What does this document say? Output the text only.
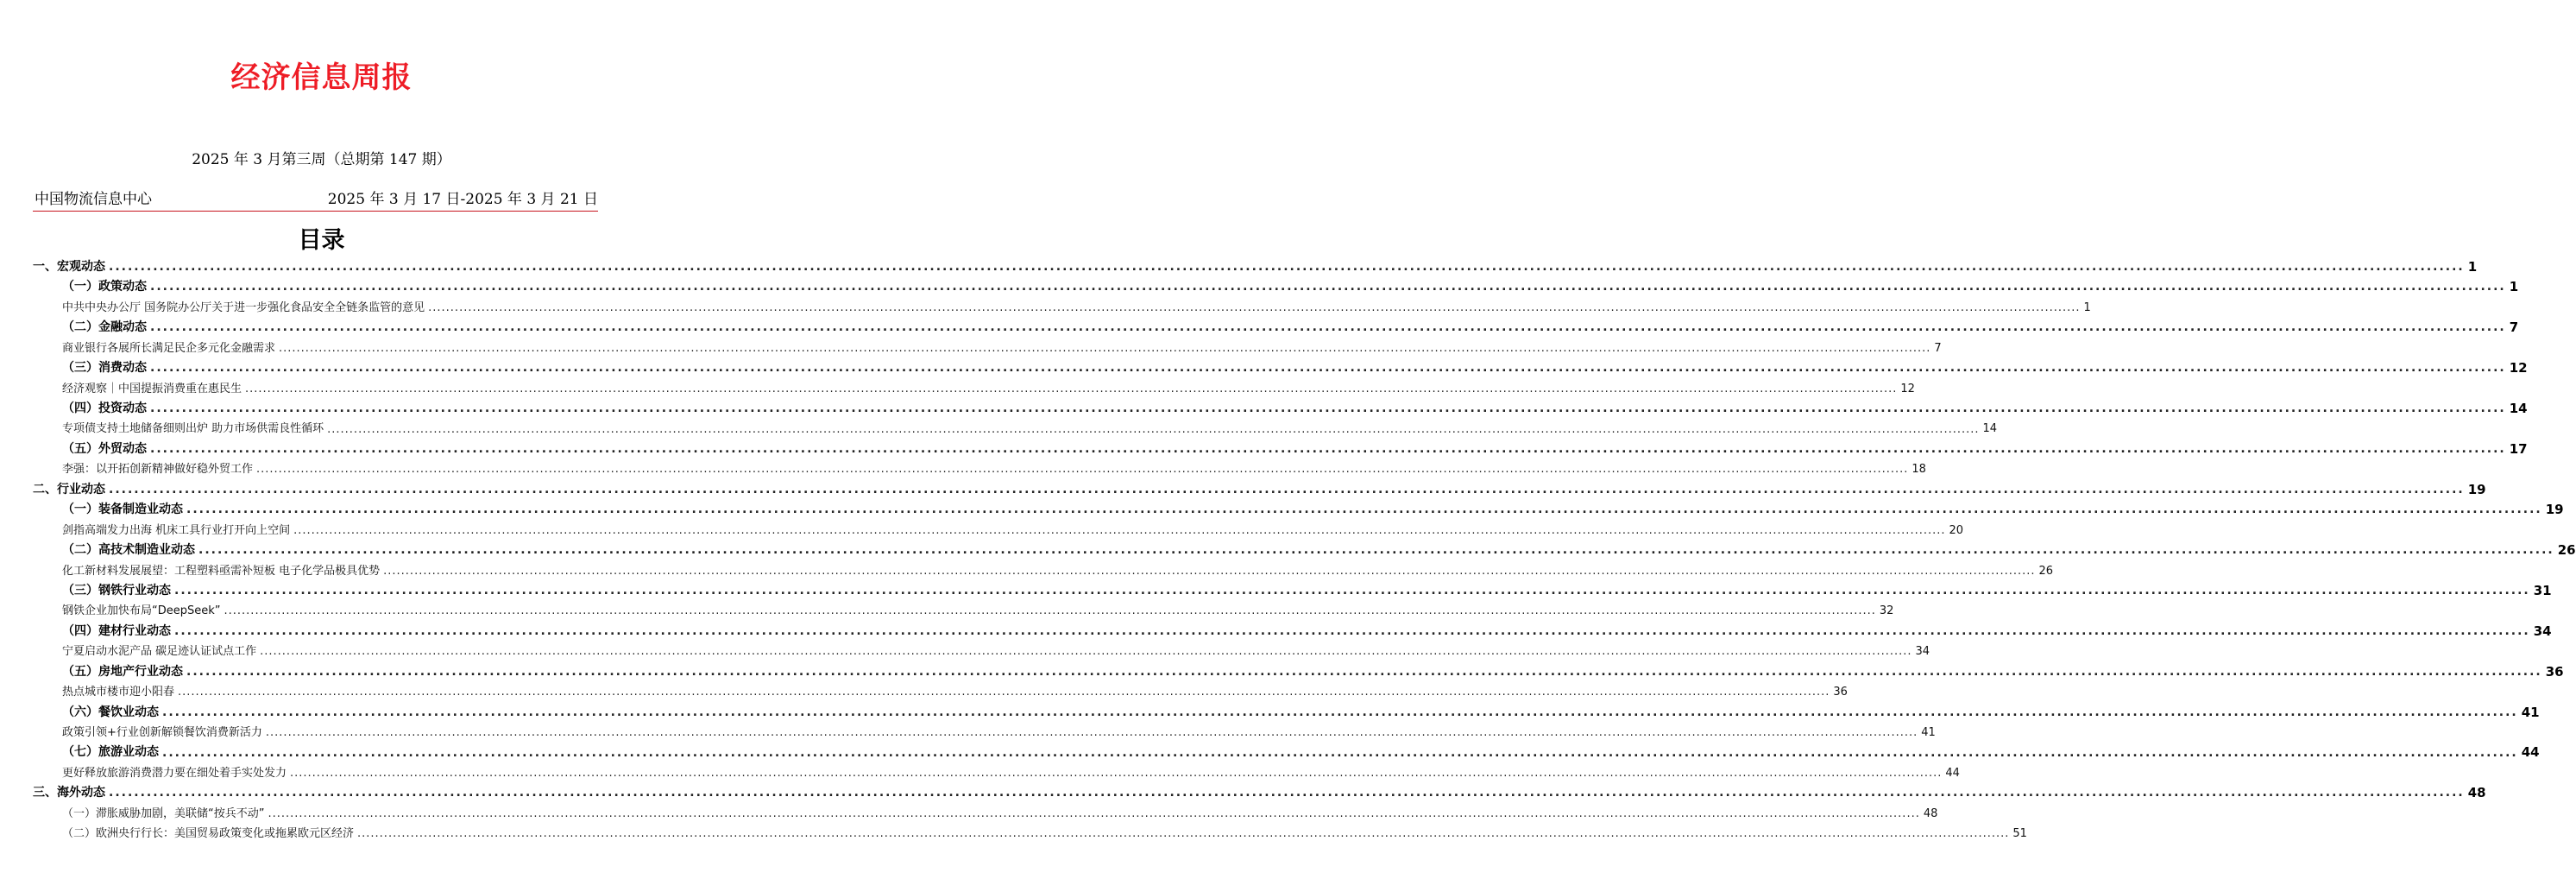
经济信息周报
2025 年 3 月第三周（总期第 147 期）
中国物流信息中心	2025 年 3 月 17 日-2025 年 3 月 21 日
目录
一、宏观动态 .....	1
（一）政策动态 .....	1
中共中央办公厅 国务院办公厅关于进一步强化食品安全全链条监管的意见 .....	1
（二）金融动态 .....	7
商业银行各展所长满足民企多元化金融需求 .....	7
（三）消费动态 .....	12
经济观察｜中国提振消费重在惠民生 .....	12
（四）投资动态 .....	14
专项债支持土地储备细则出炉 助力市场供需良性循环 .....	14
（五）外贸动态 .....	17
李强：以开拓创新精神做好稳外贸工作 .....	18
二、行业动态 .....	19
（一）装备制造业动态 .....	19
剑指高端发力出海 机床工具行业打开向上空间 .....	20
（二）高技术制造业动态 .....	26
化工新材料发展展望：工程塑料亟需补短板 电子化学品极具优势 .....	26
（三）钢铁行业动态 .....	31
钢铁企业加快布局“DeepSeek” .....	32
（四）建材行业动态 .....	34
宁夏启动水泥产品 碳足迹认证试点工作 .....	34
（五）房地产行业动态 .....	36
热点城市楼市迎小阳春 .....	36
（六）餐饮业动态 .....	41
政策引领+行业创新解锁餐饮消费新活力 .....	41
（七）旅游业动态 .....	44
更好释放旅游消费潜力要在细处着手实处发力 .....	44
三、海外动态 .....	48
（一）滞胀威胁加剧，美联储“按兵不动” .....	48
（二）欧洲央行行长：美国贸易政策变化或拖累欧元区经济 .....	51
